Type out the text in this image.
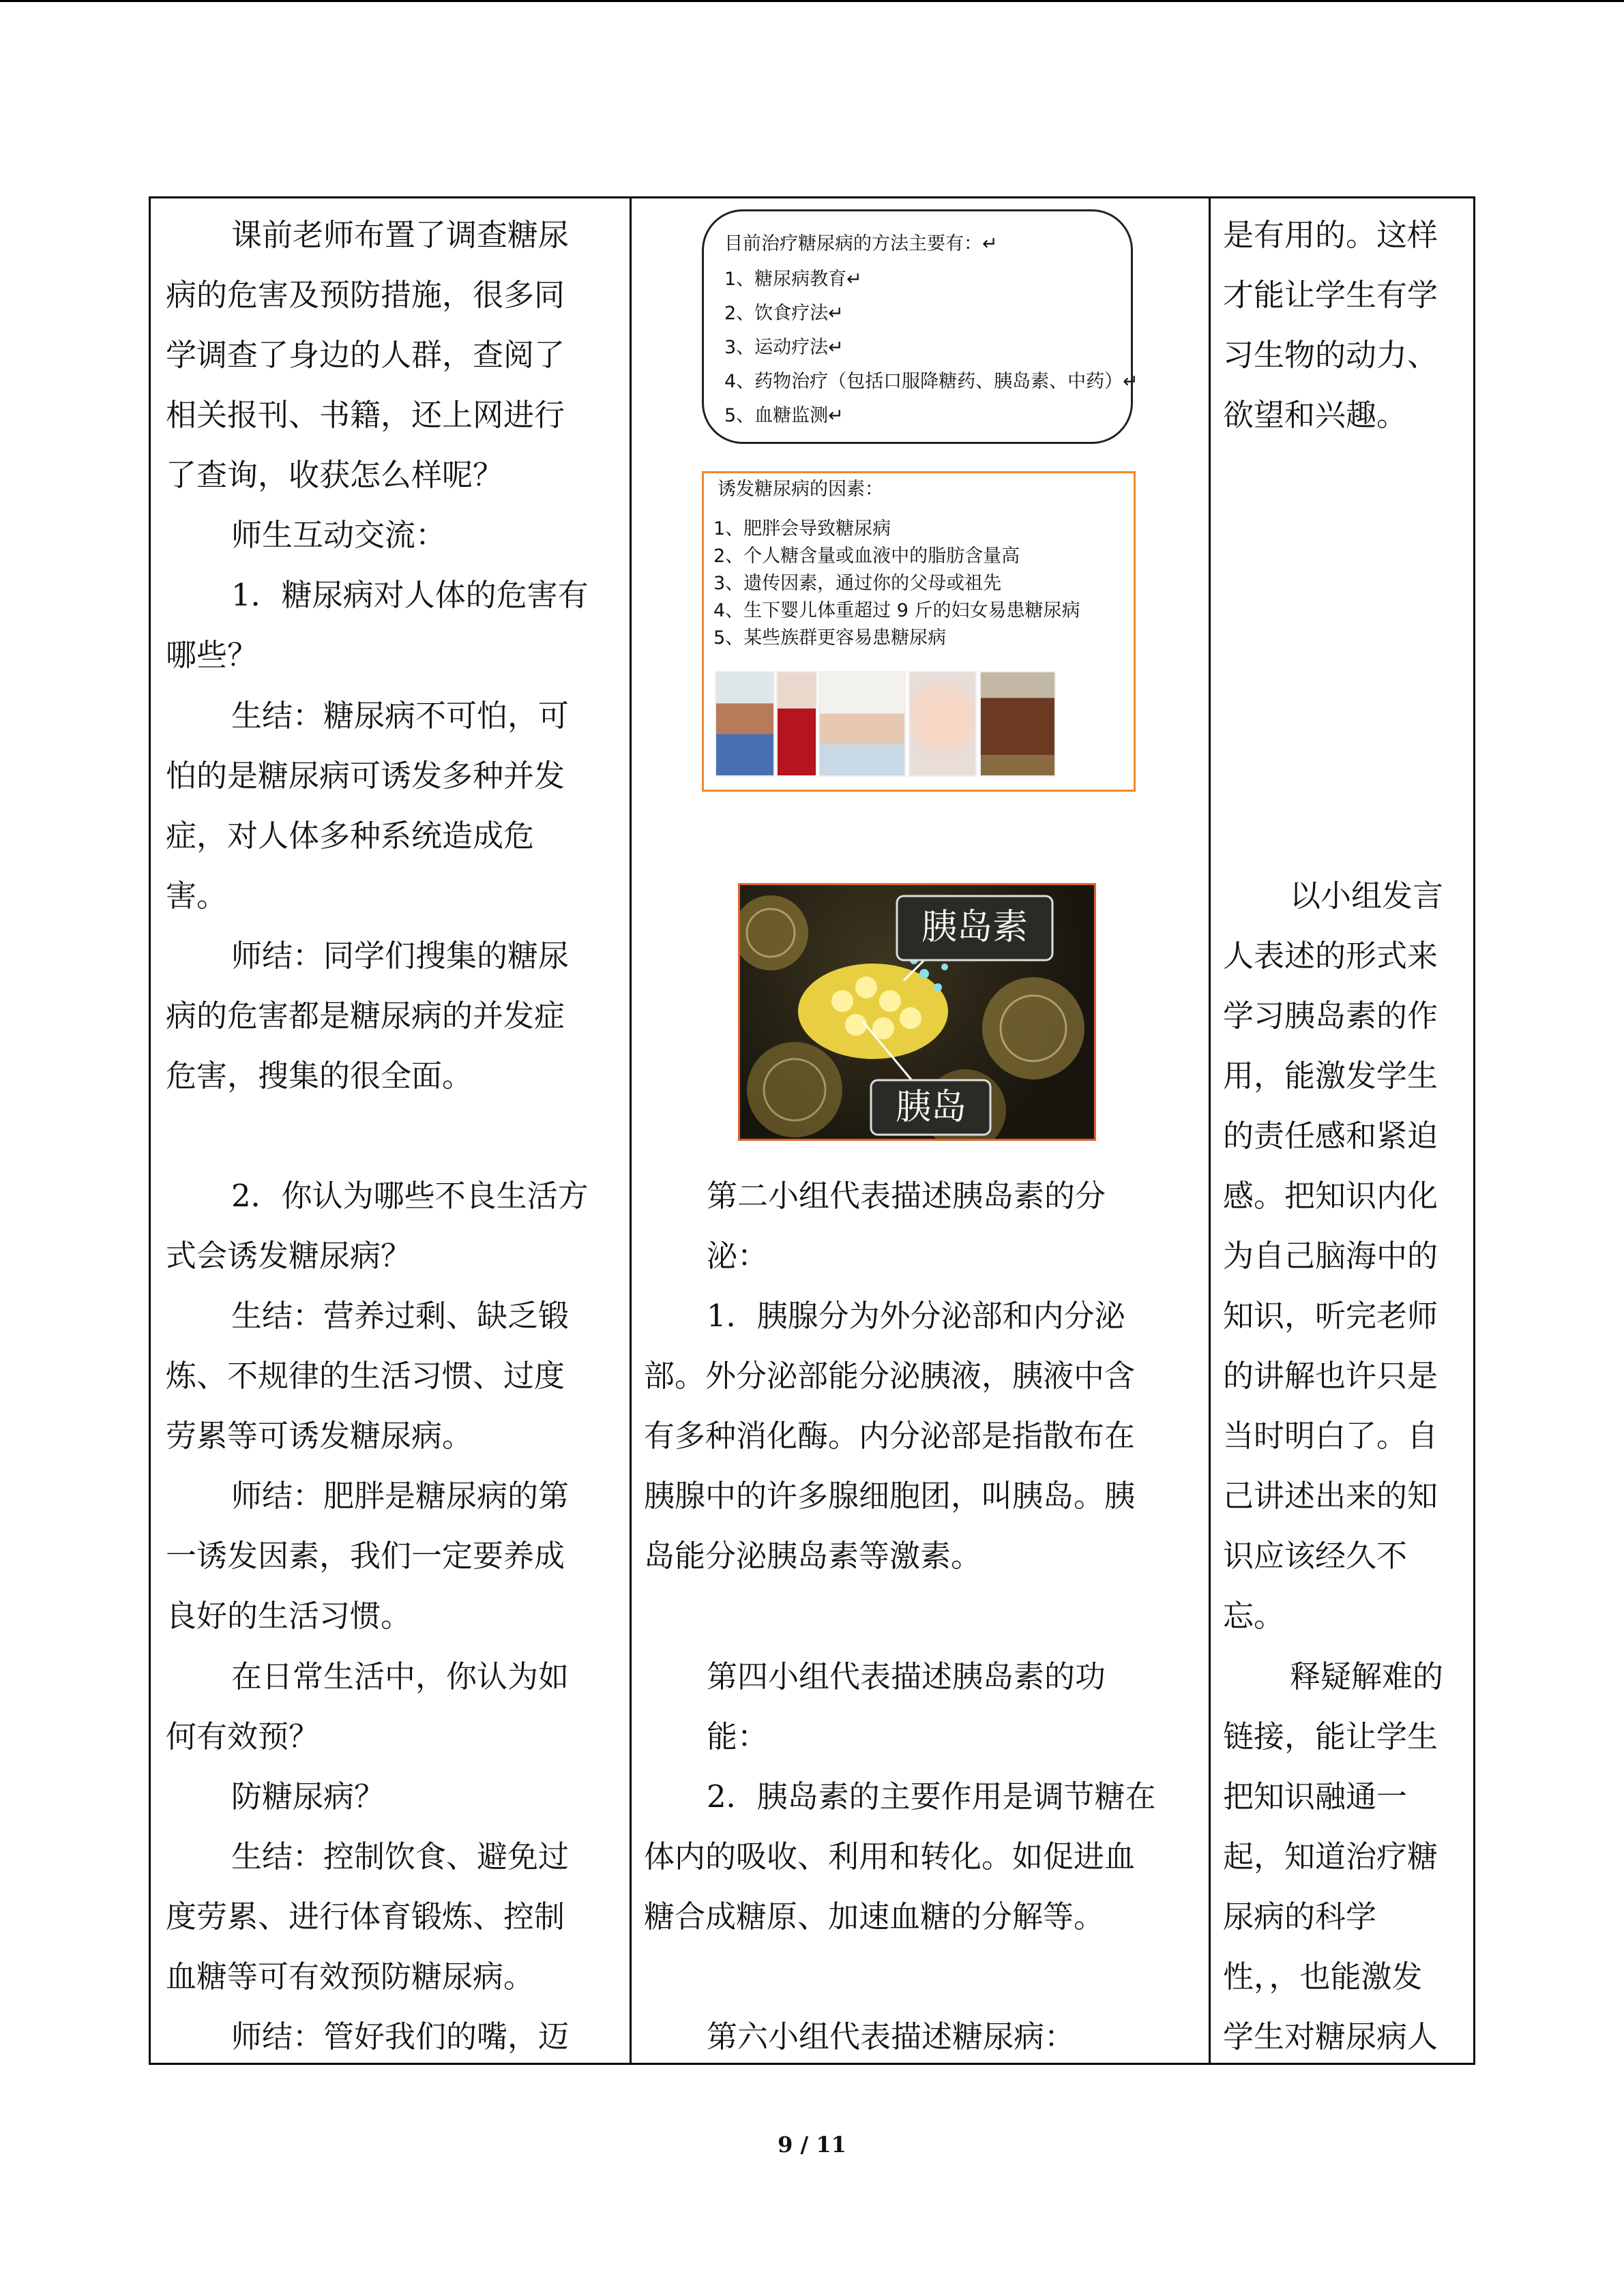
课前老师布置了调查糖尿
病的危害及预防措施，很多同
学调查了身边的人群，查阅了
相关报刊、书籍，还上网进行
了查询，收获怎么样呢？
师生互动交流：
1．糖尿病对人体的危害有
哪些？
生结：糖尿病不可怕，可
怕的是糖尿病可诱发多种并发
症，对人体多种系统造成危
害。
师结：同学们搜集的糖尿
病的危害都是糖尿病的并发症
危害，搜集的很全面。
2．你认为哪些不良生活方
式会诱发糖尿病？
生结：营养过剩、缺乏锻
炼、不规律的生活习惯、过度
劳累等可诱发糖尿病。
师结：肥胖是糖尿病的第
一诱发因素，我们一定要养成
良好的生活习惯。
在日常生活中，你认为如
何有效预？
防糖尿病？
生结：控制饮食、避免过
度劳累、进行体育锻炼、控制
血糖等可有效预防糖尿病。
师结：管好我们的嘴，迈
目前治疗糖尿病的方法主要有：↵
1、糖尿病教育↵
2、饮食疗法↵
3、运动疗法↵
4、药物治疗（包括口服降糖药、胰岛素、中药）↵
5、血糖监测↵
诱发糖尿病的因素：
1、肥胖会导致糖尿病
2、个人糖含量或血液中的脂肪含量高
3、遗传因素，通过你的父母或祖先
4、生下婴儿体重超过 9 斤的妇女易患糖尿病
5、某些族群更容易患糖尿病
胰岛素
胰岛
第二小组代表描述胰岛素的分
泌：
1．胰腺分为外分泌部和内分泌
部。外分泌部能分泌胰液，胰液中含
有多种消化酶。内分泌部是指散布在
胰腺中的许多腺细胞团，叫胰岛。胰
岛能分泌胰岛素等激素。
第四小组代表描述胰岛素的功
能：
2．胰岛素的主要作用是调节糖在
体内的吸收、利用和转化。如促进血
糖合成糖原、加速血糖的分解等。
第六小组代表描述糖尿病：
是有用的。这样
才能让学生有学
习生物的动力、
欲望和兴趣。
以小组发言
人表述的形式来
学习胰岛素的作
用，能激发学生
的责任感和紧迫
感。把知识内化
为自己脑海中的
知识，听完老师
的讲解也许只是
当时明白了。自
己讲述出来的知
识应该经久不
忘。
释疑解难的
链接，能让学生
把知识融通一
起，知道治疗糖
尿病的科学
性，，也能激发
学生对糖尿病人
9 / 11
